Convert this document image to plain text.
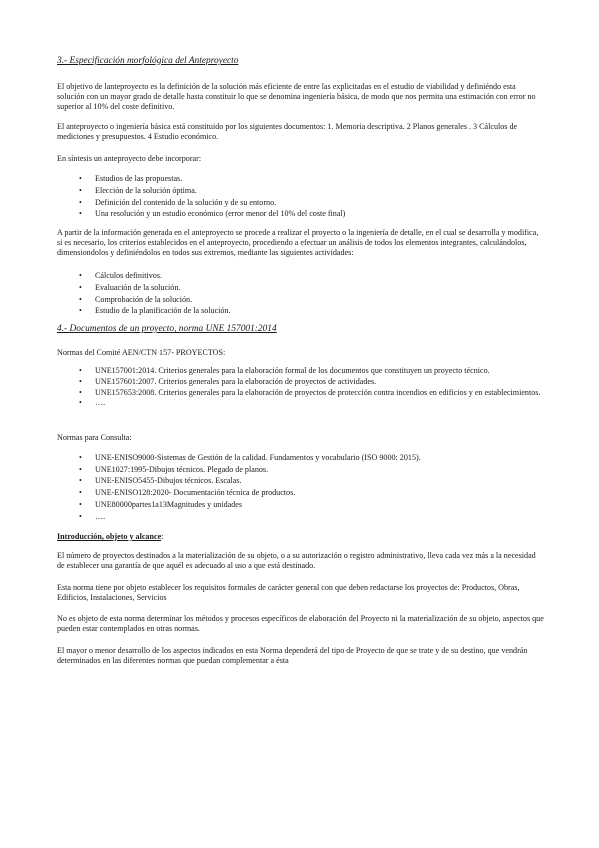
3.- Especificación morfológica del Anteproyecto

El objetivo de lanteproyecto es la definición de la solución más eficiente de entre las explicitadas en el estudio de viabilidad y definiéndo esta solución con un mayor grado de detalle hasta constituir lo que se denomina ingeniería básica, de modo que nos permita una estimación con error no superior al 10% del coste definitivo.

El anteproyecto o ingeniería básica está constituido por los siguientes documentos: 1. Memoria descriptiva. 2 Planos generales . 3 Cálculos de mediciones y presupuestos. 4 Estudio económico.

En síntesis un anteproyecto debe incorporar:

• Estudios de las propuestas.
• Elección de la solución óptima.
• Definición del contenido de la solución y de su entorno.
• Una resolución y un estudio económico (error menor del 10% del coste final)

A partir de la información generada en el anteproyecto se procede a realizar el proyecto o la ingeniería de detalle, en el cual se desarrolla y modifica, si es necesario, los criterios establecidos en el anteproyecto, procediendo a efectuar un análisis de todos los elementos integrantes, calculándolos, dimensiondolos y definiéndolos en todos sus extremos, mediante las siguientes actividades:

• Cálculos definitivos.
• Evaluación de la solución.
• Comprobación de la solución.
• Estudio de la planificación de la solución.
4.- Documentos de un proyecto, norma UNE 157001:2014

Normas del Comité AEN/CTN 157- PROYECTOS:

• UNE157001:2014. Criterios generales para la elaboración formal de los documentos que constituyen un proyecto técnico.
• UNE157601:2007. Criterios generales para la elaboración de proyectos de actividades.
• UNE157653:2008. Criterios generales para la elaboración de proyectos de protección contra incendios en edificios y en establecimientos.
• ….

Normas para Consulta:

• UNE-ENISO9000-Sistemas de Gestión de la calidad. Fundamentos y vocabulario (ISO 9000: 2015).
• UNE1027:1995-Dibujos técnicos. Plegado de planos.
• UNE-ENISO5455-Dibujos técnicos. Escalas.
• UNE-ENISO128:2020- Documentación técnica de productos.
• UNE80000partes1a13Magnitudes y unidades
• ….

Introducción, objeto y alcance:

El número de proyectos destinados a la materialización de su objeto, o a su autorización o registro administrativo, lleva cada vez más a la necesidad de establecer una garantía de que aquél es adecuado al uso a que está destinado.

Esta norma tiene por objeto establecer los requisitos formales de carácter general con que deben redactarse los proyectos de: Productos, Obras, Edificios, Instalaciones, Servicios

No es objeto de esta norma determinar los métodos y procesos específicos de elaboración del Proyecto ni la materialización de su objeto, aspectos que pueden estar contemplados en otras normas.

El mayor o menor desarrollo de los aspectos indicados en esta Norma dependerá del tipo de Proyecto de que se trate y de su destino, que vendrán determinados en las diferentes normas que puedan complementar a ésta
